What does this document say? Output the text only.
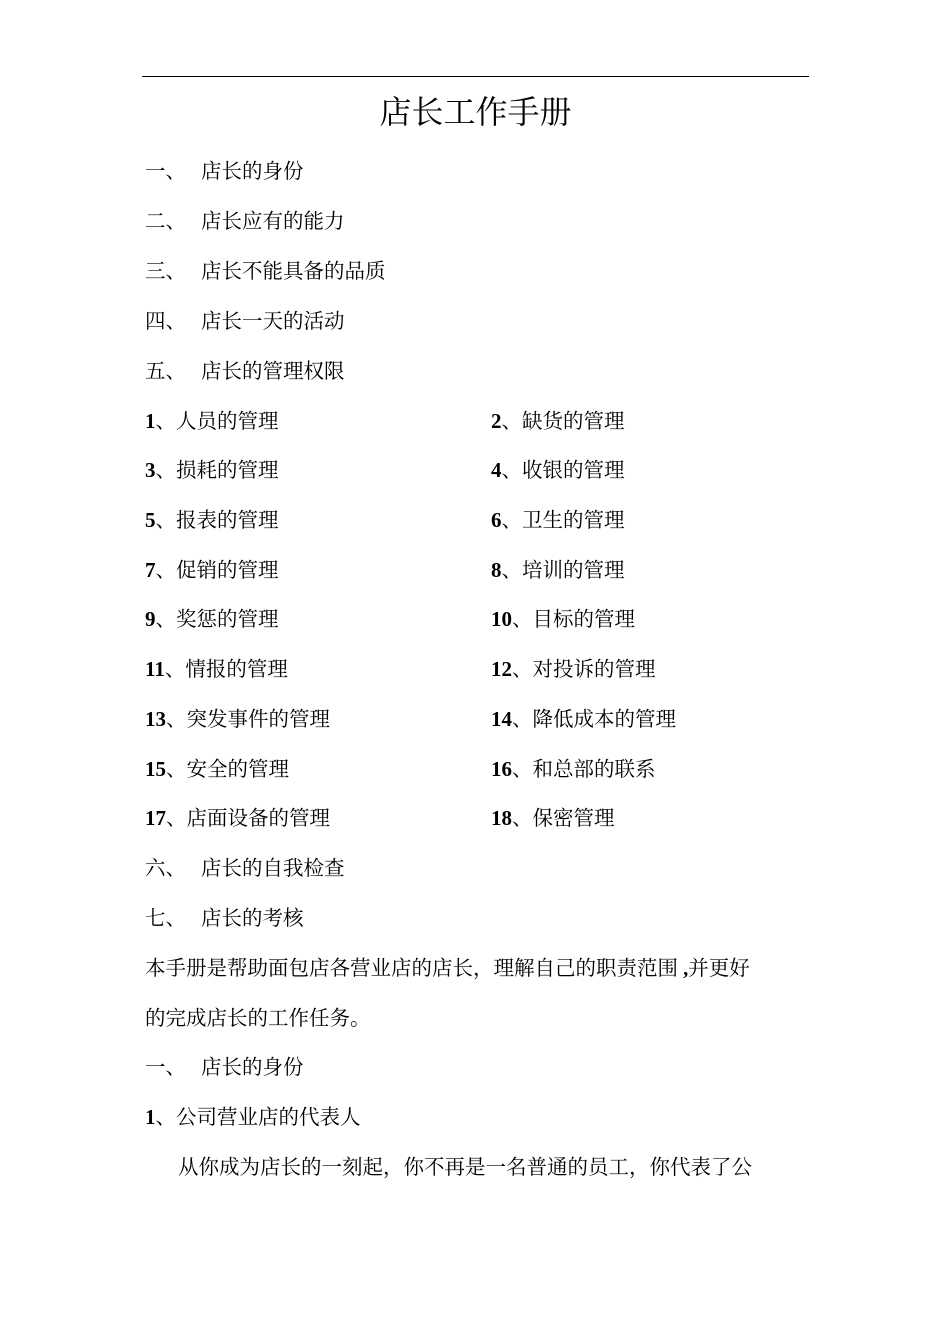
店长工作手册
一、 店长的身份
二、 店长应有的能力
三、 店长不能具备的品质
四、 店长一天的活动
五、 店长的管理权限
1、人员的管理	2、缺货的管理
3、损耗的管理	4、收银的管理
5、报表的管理	6、卫生的管理
7、促销的管理	8、培训的管理
9、奖惩的管理	10、目标的管理
11、情报的管理	12、对投诉的管理
13、突发事件的管理	14、降低成本的管理
15、安全的管理	16、和总部的联系
17、店面设备的管理	18、保密管理
六、 店长的自我检查
七、 店长的考核
本手册是帮助面包店各营业店的店长，理解自己的职责范围 ,并更好
的完成店长的工作任务。
一、 店长的身份
1、公司营业店的代表人
从你成为店长的一刻起，你不再是一名普通的员工，你代表了公
